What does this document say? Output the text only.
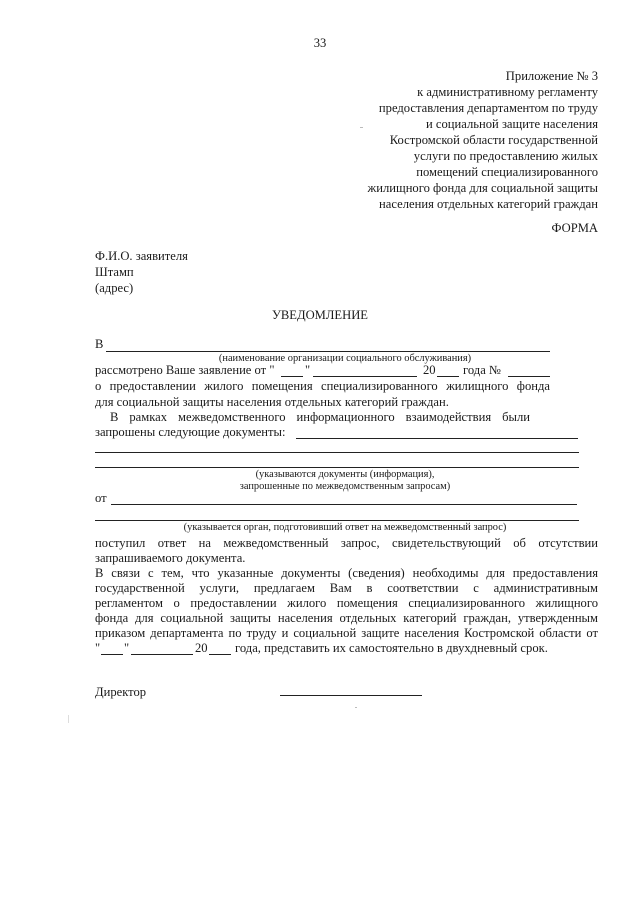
33
Приложение № 3
к административному регламенту
предоставления департаментом по труду
и социальной защите населения
Костромской области государственной
услуги по предоставлению жилых
помещений специализированного
жилищного фонда для социальной защиты
населения отдельных категорий граждан
ФОРМА
Ф.И.О. заявителя
Штамп
(адрес)
УВЕДОМЛЕНИЕ
В
(наименование организации социального обслуживания)
рассмотрено Ваше заявление от " "	20 года №
о предоставлении жилого помещения специализированного жилищного фонда
для социальной защиты населения отдельных категорий граждан.
В рамках межведомственного информационного взаимодействия были
запрошены следующие документы:
(указываются документы (информация),
запрошенные по межведомственным запросам)
от
(указывается орган, подготовивший ответ на межведомственный запрос)
поступил ответ на межведомственный запрос, свидетельствующий об отсутствии
запрашиваемого документа.
В связи с тем, что указанные документы (сведения) необходимы для предоставления
государственной услуги, предлагаем Вам в соответствии с административным
регламентом о предоставлении жилого помещения специализированного жилищного
фонда для социальной защиты населения отдельных категорий граждан, утвержденным
приказом департамента по труду и социальной защите населения Костромской области от
" "	20 года, представить их самостоятельно в двухдневный срок.
Директор
